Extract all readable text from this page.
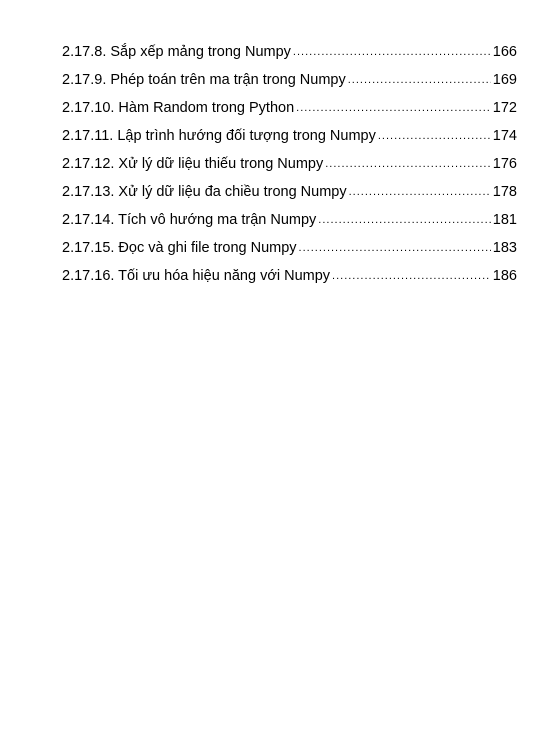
2.17.8. Sắp xếp mảng trong Numpy .....	166
2.17.9. Phép toán trên ma trận trong Numpy .....	169
2.17.10. Hàm Random trong Python .....	172
2.17.11. Lập trình hướng đối tượng trong Numpy .....	174
2.17.12. Xử lý dữ liệu thiếu trong Numpy .....	176
2.17.13. Xử lý dữ liệu đa chiều trong Numpy .....	178
2.17.14. Tích vô hướng ma trận Numpy .....	181
2.17.15. Đọc và ghi file trong Numpy .....	183
2.17.16. Tối ưu hóa hiệu năng với Numpy .....	186
